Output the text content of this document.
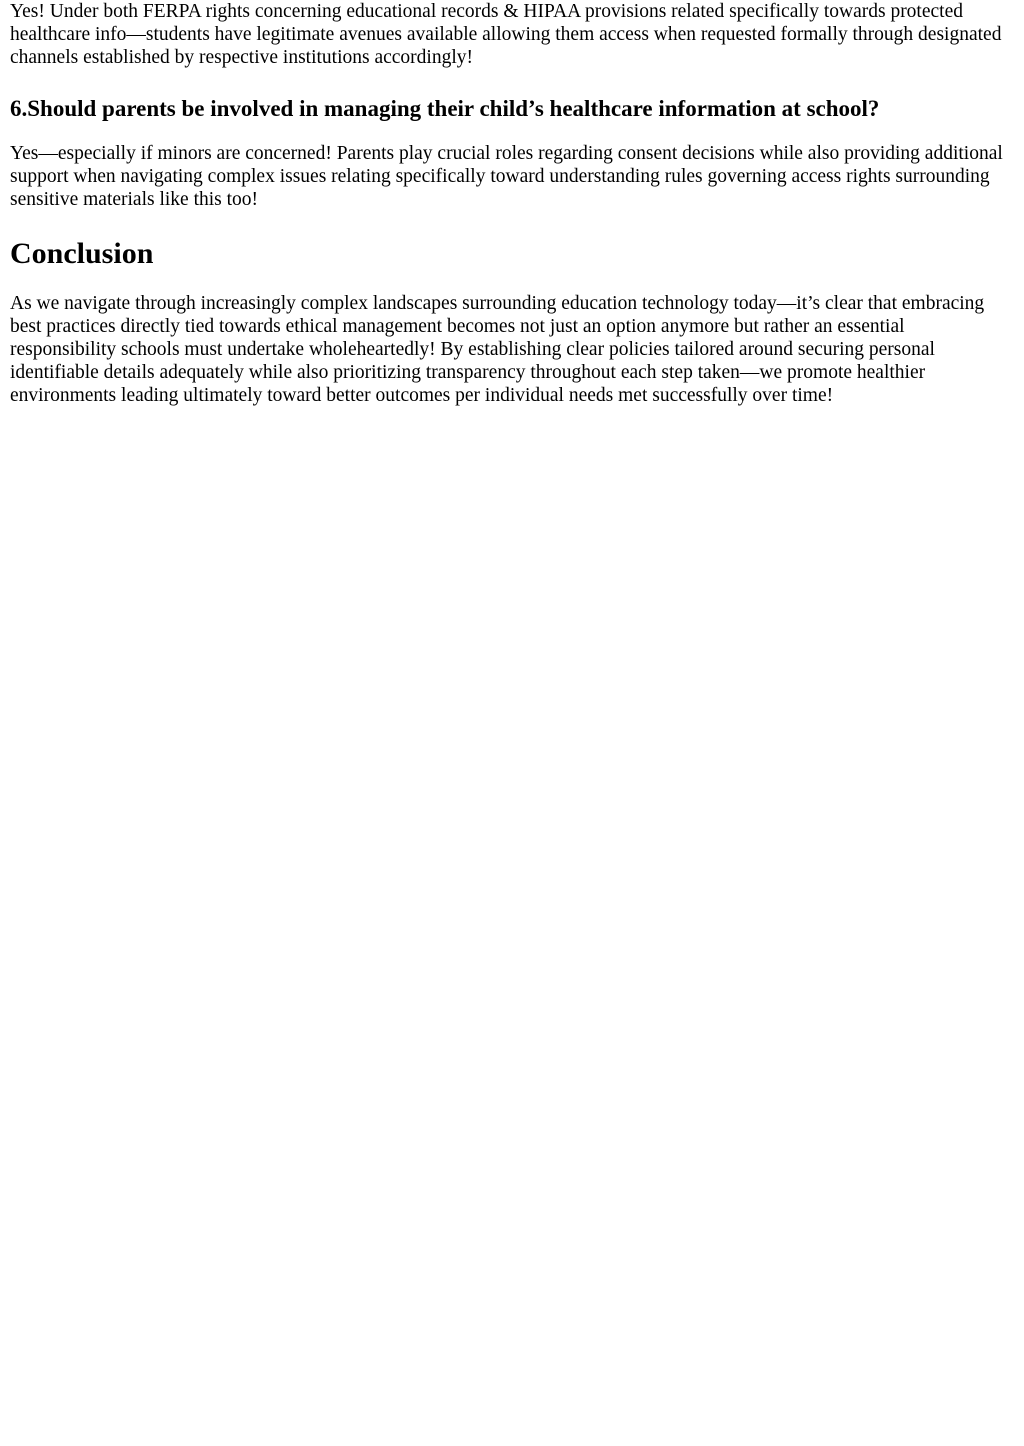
Yes! Under both FERPA rights concerning educational records & HIPAA provisions related specifically towards protected healthcare info—students have legitimate avenues available allowing them access when requested formally through designated channels established by respective institutions accordingly!

6.Should parents be involved in managing their child’s healthcare information at school?

Yes—especially if minors are concerned! Parents play crucial roles regarding consent decisions while also providing additional support when navigating complex issues relating specifically toward understanding rules governing access rights surrounding sensitive materials like this too!

Conclusion

As we navigate through increasingly complex landscapes surrounding education technology today—it’s clear that embracing best practices directly tied towards ethical management becomes not just an option anymore but rather an essential responsibility schools must undertake wholeheartedly! By establishing clear policies tailored around securing personal identifiable details adequately while also prioritizing transparency throughout each step taken—we promote healthier environments leading ultimately toward better outcomes per individual needs met successfully over time!
